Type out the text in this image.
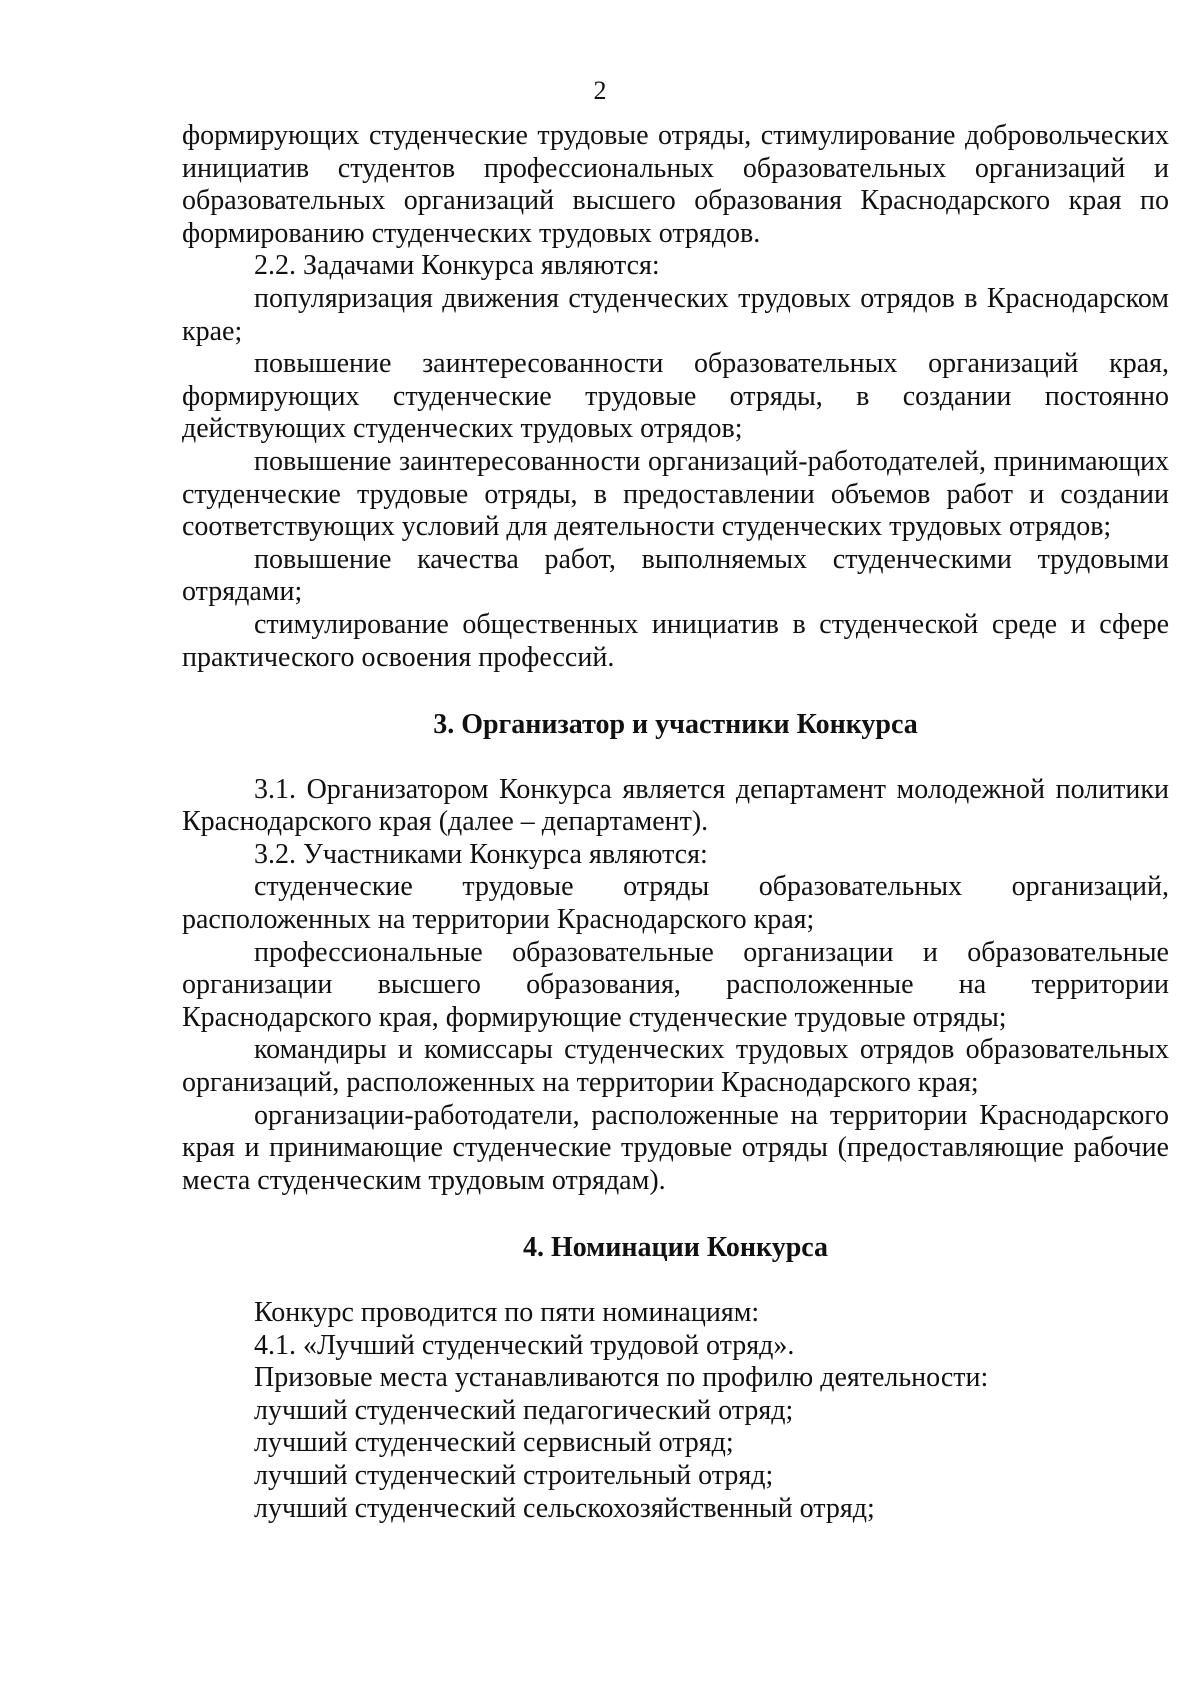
2

формирующих студенческие трудовые отряды, стимулирование добровольческих инициатив студентов профессиональных образовательных организаций и образовательных организаций высшего образования Краснодарского края по формированию студенческих трудовых отрядов.

2.2. Задачами Конкурса являются:

популяризация движения студенческих трудовых отрядов в Краснодарском крае;

повышение заинтересованности образовательных организаций края, формирующих студенческие трудовые отряды, в создании постоянно действующих студенческих трудовых отрядов;

повышение заинтересованности организаций-работодателей, принимающих студенческие трудовые отряды, в предоставлении объемов работ и создании соответствующих условий для деятельности студенческих трудовых отрядов;

повышение качества работ, выполняемых студенческими трудовыми отрядами;

стимулирование общественных инициатив в студенческой среде и сфере практического освоения профессий.

3. Организатор и участники Конкурса

3.1. Организатором Конкурса является департамент молодежной политики Краснодарского края (далее – департамент).

3.2. Участниками Конкурса являются:

студенческие трудовые отряды образовательных организаций, расположенных на территории Краснодарского края;

профессиональные образовательные организации и образовательные организации высшего образования, расположенные на территории Краснодарского края, формирующие студенческие трудовые отряды;

командиры и комиссары студенческих трудовых отрядов образовательных организаций, расположенных на территории Краснодарского края;

организации-работодатели, расположенные на территории Краснодарского края и принимающие студенческие трудовые отряды (предоставляющие рабочие места студенческим трудовым отрядам).

4. Номинации Конкурса

Конкурс проводится по пяти номинациям:

4.1. «Лучший студенческий трудовой отряд».

Призовые места устанавливаются по профилю деятельности:

лучший студенческий педагогический отряд;

лучший студенческий сервисный отряд;

лучший студенческий строительный отряд;

лучший студенческий сельскохозяйственный отряд;
